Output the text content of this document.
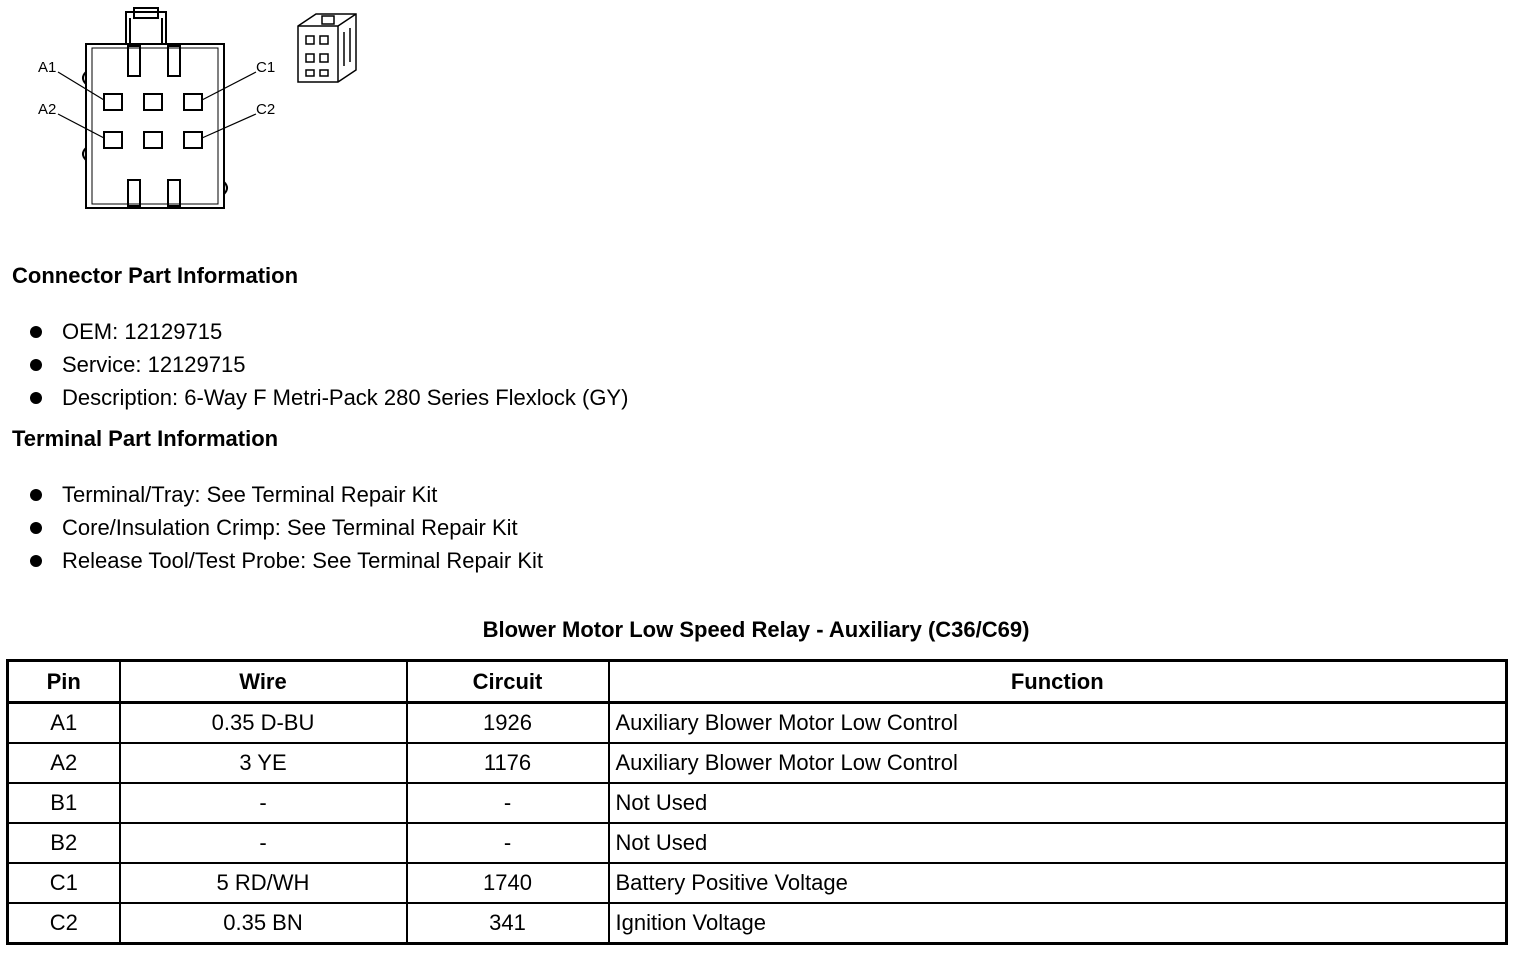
A1
A2
C1
C2
Connector Part Information
OEM: 12129715
Service: 12129715
Description: 6-Way F Metri-Pack 280 Series Flexlock (GY)
Terminal Part Information
Terminal/Tray: See Terminal Repair Kit
Core/Insulation Crimp: See Terminal Repair Kit
Release Tool/Test Probe: See Terminal Repair Kit
Blower Motor Low Speed Relay - Auxiliary (C36/C69)
Pin	Wire	Circuit	Function
A1	0.35 D-BU	1926	Auxiliary Blower Motor Low Control
A2	3 YE	1176	Auxiliary Blower Motor Low Control
B1	-	-	Not Used
B2	-	-	Not Used
C1	5 RD/WH	1740	Battery Positive Voltage
C2	0.35 BN	341	Ignition Voltage
